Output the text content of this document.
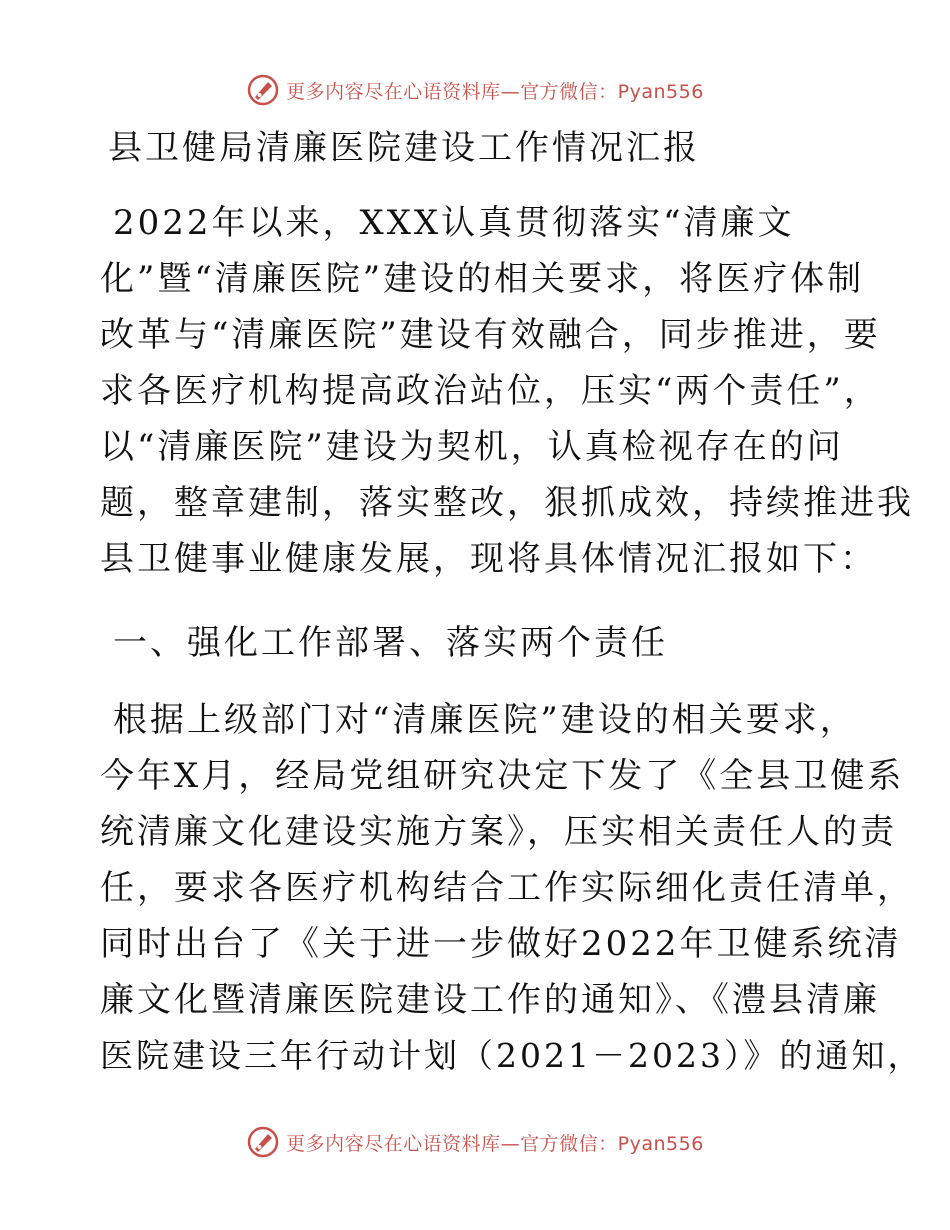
更多内容尽在心语资料库—官方微信：Pyan556
县卫健局清廉医院建设工作情况汇报
2022年以来，XXX认真贯彻落实“清廉文
化”暨“清廉医院”建设的相关要求，将医疗体制
改革与“清廉医院”建设有效融合，同步推进，要
求各医疗机构提高政治站位，压实“两个责任”，
以“清廉医院”建设为契机，认真检视存在的问
题，整章建制，落实整改，狠抓成效，持续推进我
县卫健事业健康发展，现将具体情况汇报如下：
一、强化工作部署、落实两个责任
根据上级部门对“清廉医院”建设的相关要求，
今年X月，经局党组研究决定下发了《全县卫健系
统清廉文化建设实施方案》，压实相关责任人的责
任，要求各医疗机构结合工作实际细化责任清单，
同时出台了《关于进一步做好2022年卫健系统清
廉文化暨清廉医院建设工作的通知》、《澧县清廉
医院建设三年行动计划（2021－2023）》的通知，
更多内容尽在心语资料库—官方微信：Pyan556
